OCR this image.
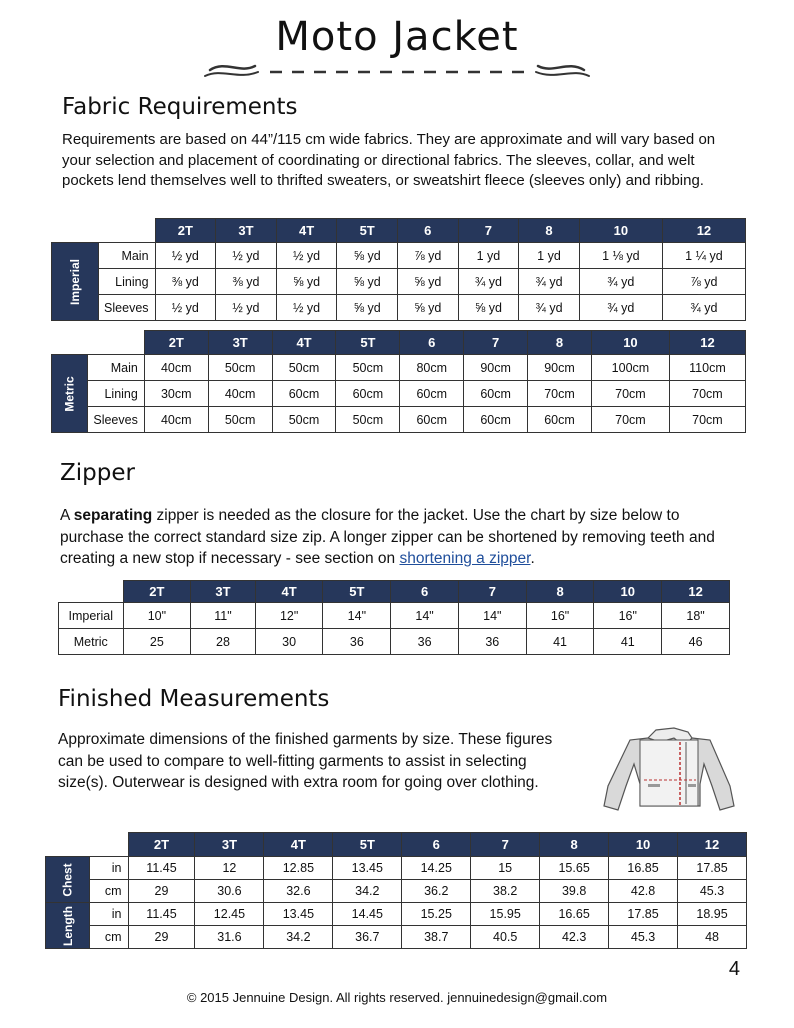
Moto Jacket
Fabric Requirements
Requirements are based on 44”/115 cm wide fabrics. They are approximate and will vary based on your selection and placement of coordinating or directional fabrics. The sleeves, collar, and welt pockets lend themselves well to thrifted sweaters, or sweatshirt fleece (sleeves only) and ribbing.
		2T	3T	4T	5T	6	7	8	10	12
Imperial	Main	½ yd	½ yd	½ yd	⅝ yd	⅞ yd	1 yd	1 yd	1 ⅛ yd	1 ¼ yd
	Lining	⅜ yd	⅜ yd	⅝ yd	⅝ yd	⅝ yd	¾ yd	¾ yd	¾ yd	⅞ yd
	Sleeves	½ yd	½ yd	½ yd	⅝ yd	⅝ yd	⅝ yd	¾ yd	¾ yd	¾ yd
		2T	3T	4T	5T	6	7	8	10	12
Metric	Main	40cm	50cm	50cm	50cm	80cm	90cm	90cm	100cm	110cm
	Lining	30cm	40cm	60cm	60cm	60cm	60cm	70cm	70cm	70cm
	Sleeves	40cm	50cm	50cm	50cm	60cm	60cm	60cm	70cm	70cm
Zipper
A separating zipper is needed as the closure for the jacket. Use the chart by size below to purchase the correct standard size zip. A longer zipper can be shortened by removing teeth and creating a new stop if necessary - see section on shortening a zipper.
	2T	3T	4T	5T	6	7	8	10	12
Imperial	10"	11"	12"	14"	14"	14"	16"	16"	18"
Metric	25	28	30	36	36	36	41	41	46
Finished Measurements
Approximate dimensions of the finished garments by size. These figures can be used to compare to well-fitting garments to assist in selecting size(s). Outerwear is designed with extra room for going over clothing.
		2T	3T	4T	5T	6	7	8	10	12
Chest	in	11.45	12	12.85	13.45	14.25	15	15.65	16.85	17.85
	cm	29	30.6	32.6	34.2	36.2	38.2	39.8	42.8	45.3
Length	in	11.45	12.45	13.45	14.45	15.25	15.95	16.65	17.85	18.95
	cm	29	31.6	34.2	36.7	38.7	40.5	42.3	45.3	48
4
© 2015 Jennuine Design. All rights reserved. jennuinedesign@gmail.com
